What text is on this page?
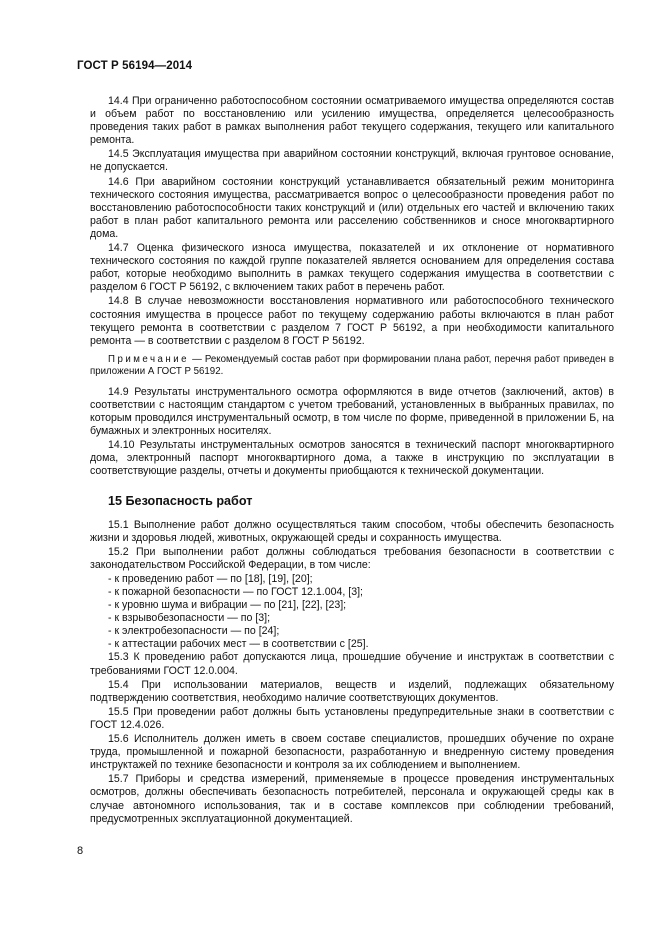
ГОСТ Р 56194—2014

14.4 При ограниченно работоспособном состоянии осматриваемого имущества определяются состав и объем работ по восстановлению или усилению имущества, определяется целесообразность проведения таких работ в рамках выполнения работ текущего содержания, текущего или капитального ремонта.

14.5 Эксплуатация имущества при аварийном состоянии конструкций, включая грунтовое основание, не допускается.

14.6 При аварийном состоянии конструкций устанавливается обязательный режим мониторинга технического состояния имущества, рассматривается вопрос о целесообразности проведения работ по восстановлению работоспособности таких конструкций и (или) отдельных его частей и включению таких работ в план работ капитального ремонта или расселению собственников и сносе многоквартирного дома.

14.7 Оценка физического износа имущества, показателей и их отклонение от нормативного технического состояния по каждой группе показателей является основанием для определения состава работ, которые необходимо выполнить в рамках текущего содержания имущества в соответствии с разделом 6 ГОСТ Р 56192, с включением таких работ в перечень работ.

14.8 В случае невозможности восстановления нормативного или работоспособного технического состояния имущества в процессе работ по текущему содержанию работы включаются в план работ текущего ремонта в соответствии с разделом 7 ГОСТ Р 56192, а при необходимости капитального ремонта — в соответствии с разделом 8 ГОСТ Р 56192.

Примечание — Рекомендуемый состав работ при формировании плана работ, перечня работ приведен в приложении А ГОСТ Р 56192.

14.9 Результаты инструментального осмотра оформляются в виде отчетов (заключений, актов) в соответствии с настоящим стандартом с учетом требований, установленных в выбранных правилах, по которым проводился инструментальный осмотр, в том числе по форме, приведенной в приложении Б, на бумажных и электронных носителях.

14.10 Результаты инструментальных осмотров заносятся в технический паспорт многоквартирного дома, электронный паспорт многоквартирного дома, а также в инструкцию по эксплуатации в соответствующие разделы, отчеты и документы приобщаются к технической документации.

15 Безопасность работ

15.1 Выполнение работ должно осуществляться таким способом, чтобы обеспечить безопасность жизни и здоровья людей, животных, окружающей среды и сохранность имущества.

15.2 При выполнении работ должны соблюдаться требования безопасности в соответствии с законодательством Российской Федерации, в том числе:

- к проведению работ — по [18], [19], [20];

- к пожарной безопасности — по ГОСТ 12.1.004, [3];

- к уровню шума и вибрации — по [21], [22], [23];

- к взрывобезопасности — по [3];

- к электробезопасности — по [24];

- к аттестации рабочих мест — в соответствии с [25].

15.3 К проведению работ допускаются лица, прошедшие обучение и инструктаж в соответствии с требованиями ГОСТ 12.0.004.

15.4 При использовании материалов, веществ и изделий, подлежащих обязательному подтверждению соответствия, необходимо наличие соответствующих документов.

15.5 При проведении работ должны быть установлены предупредительные знаки в соответствии с ГОСТ 12.4.026.

15.6 Исполнитель должен иметь в своем составе специалистов, прошедших обучение по охране труда, промышленной и пожарной безопасности, разработанную и внедренную систему проведения инструктажей по технике безопасности и контроля за их соблюдением и выполнением.

15.7 Приборы и средства измерений, применяемые в процессе проведения инструментальных осмотров, должны обеспечивать безопасность потребителей, персонала и окружающей среды как в случае автономного использования, так и в составе комплексов при соблюдении требований, предусмотренных эксплуатационной документацией.

8
